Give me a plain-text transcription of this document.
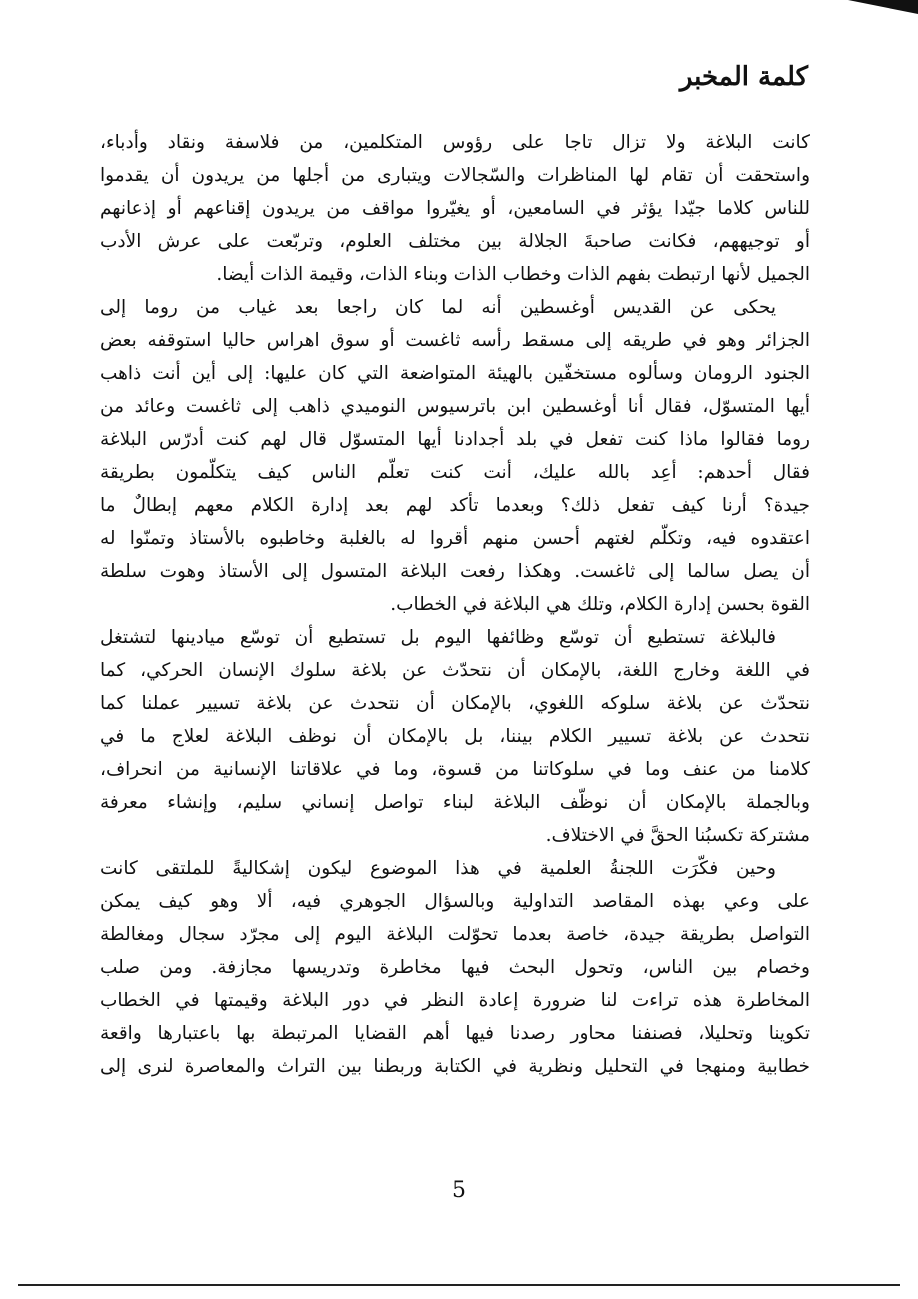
كلمة المخبر

كانت البلاغة ولا تزال تاجا على رؤوس المتكلمين، من فلاسفة ونقاد وأدباء،
واستحقت أن تقام لها المناظرات والسّجالات ويتبارى من أجلها من يريدون أن يقدموا
للناس كلاما جيّدا يؤثر في السامعين، أو يغيّروا مواقف من يريدون إقناعهم أو إذعانهم
أو توجيههم، فكانت صاحبةَ الجلالة بين مختلف العلوم، وتربّعت على عرش الأدب
الجميل لأنها ارتبطت بفهم الذات وخطاب الذات وبناء الذات، وقيمة الذات أيضا.

يحكى عن القديس أوغسطين أنه لما كان راجعا بعد غياب من روما إلى
الجزائر وهو في طريقه إلى مسقط رأسه ثاغست أو سوق اهراس حاليا استوقفه بعض
الجنود الرومان وسألوه مستخفّين بالهيئة المتواضعة التي كان عليها: إلى أين أنت ذاهب
أيها المتسوّل، فقال أنا أوغسطين ابن باترسيوس النوميدي ذاهب إلى ثاغست وعائد من
روما فقالوا ماذا كنت تفعل في بلد أجدادنا أيها المتسوّل قال لهم كنت أدرّس البلاغة
فقال أحدهم: أعِد بالله عليك، أنت كنت تعلّم الناس كيف يتكلّمون بطريقة
جيدة؟ أرنا كيف تفعل ذلك؟ وبعدما تأكد لهم بعد إدارة الكلام معهم إبطالٌ ما
اعتقدوه فيه، وتكلّم لغتهم أحسن منهم أقروا له بالغلبة وخاطبوه بالأستاذ وتمنّوا له
أن يصل سالما إلى ثاغست. وهكذا رفعت البلاغة المتسول إلى الأستاذ وهوت سلطة
القوة بحسن إدارة الكلام، وتلك هي البلاغة في الخطاب.

فالبلاغة تستطيع أن توسّع وظائفها اليوم بل تستطيع أن توسّع ميادينها لتشتغل
في اللغة وخارج اللغة، بالإمكان أن نتحدّث عن بلاغة سلوك الإنسان الحركي، كما
نتحدّث عن بلاغة سلوكه اللغوي، بالإمكان أن نتحدث عن بلاغة تسيير عملنا كما
نتحدث عن بلاغة تسيير الكلام بيننا، بل بالإمكان أن نوظف البلاغة لعلاج ما في
كلامنا من عنف وما في سلوكاتنا من قسوة، وما في علاقاتنا الإنسانية من انحراف،
وبالجملة بالإمكان أن نوظّف البلاغة لبناء تواصل إنساني سليم، وإنشاء معرفة
مشتركة تكسبُنا الحقَّ في الاختلاف.

وحين فكّرَت اللجنةُ العلمية في هذا الموضوع ليكون إشكاليةً للملتقى كانت
على وعي بهذه المقاصد التداولية وبالسؤال الجوهري فيه، ألا وهو كيف يمكن
التواصل بطريقة جيدة، خاصة بعدما تحوّلت البلاغة اليوم إلى مجرّد سجال ومغالطة
وخصام بين الناس، وتحول البحث فيها مخاطرة وتدريسها مجازفة. ومن صلب
المخاطرة هذه تراءت لنا ضرورة إعادة النظر في دور البلاغة وقيمتها في الخطاب
تكوينا وتحليلا، فصنفنا محاور رصدنا فيها أهم القضايا المرتبطة بها باعتبارها واقعة
خطابية ومنهجا في التحليل ونظرية في الكتابة وربطنا بين التراث والمعاصرة لنرى إلى

5
